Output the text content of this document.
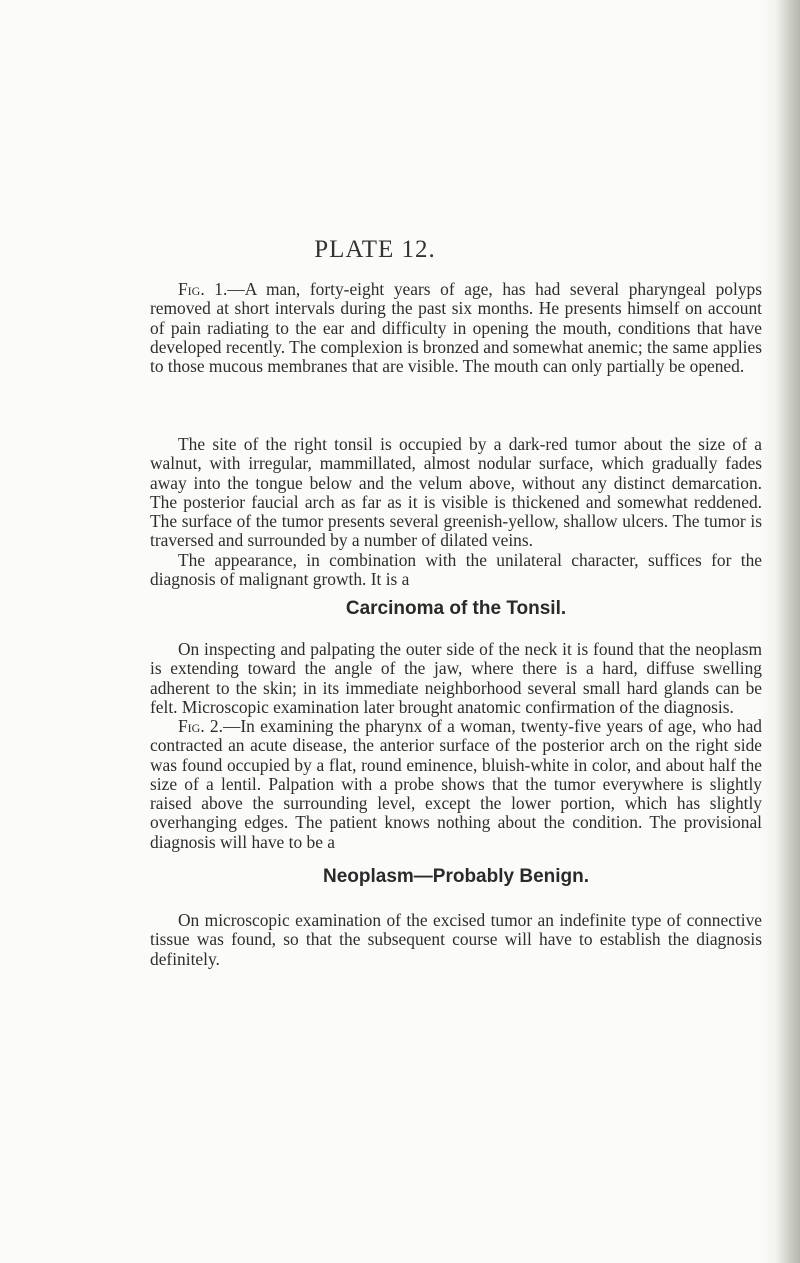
PLATE 12.

Fig. 1.—A man, forty-eight years of age, has had several pharyngeal polyps removed at short intervals during the past six months. He presents himself on account of pain radiating to the ear and difficulty in opening the mouth, conditions that have developed recently. The complexion is bronzed and somewhat anemic; the same applies to those mucous membranes that are visible. The mouth can only partially be opened.

The site of the right tonsil is occupied by a dark-red tumor about the size of a walnut, with irregular, mammillated, almost nodular surface, which gradually fades away into the tongue below and the velum above, without any distinct demarcation. The posterior faucial arch as far as it is visible is thickened and somewhat reddened. The surface of the tumor presents several greenish-yellow, shallow ulcers. The tumor is traversed and surrounded by a number of dilated veins.

The appearance, in combination with the unilateral character, suffices for the diagnosis of malignant growth. It is a

Carcinoma of the Tonsil.

On inspecting and palpating the outer side of the neck it is found that the neoplasm is extending toward the angle of the jaw, where there is a hard, diffuse swelling adherent to the skin; in its immediate neighborhood several small hard glands can be felt. Microscopic examination later brought anatomic confirmation of the diagnosis.

Fig. 2.—In examining the pharynx of a woman, twenty-five years of age, who had contracted an acute disease, the anterior surface of the posterior arch on the right side was found occupied by a flat, round eminence, bluish-white in color, and about half the size of a lentil. Palpation with a probe shows that the tumor everywhere is slightly raised above the surrounding level, except the lower portion, which has slightly overhanging edges. The patient knows nothing about the condition. The provisional diagnosis will have to be a

Neoplasm—Probably Benign.

On microscopic examination of the excised tumor an indefinite type of connective tissue was found, so that the subsequent course will have to establish the diagnosis definitely.
